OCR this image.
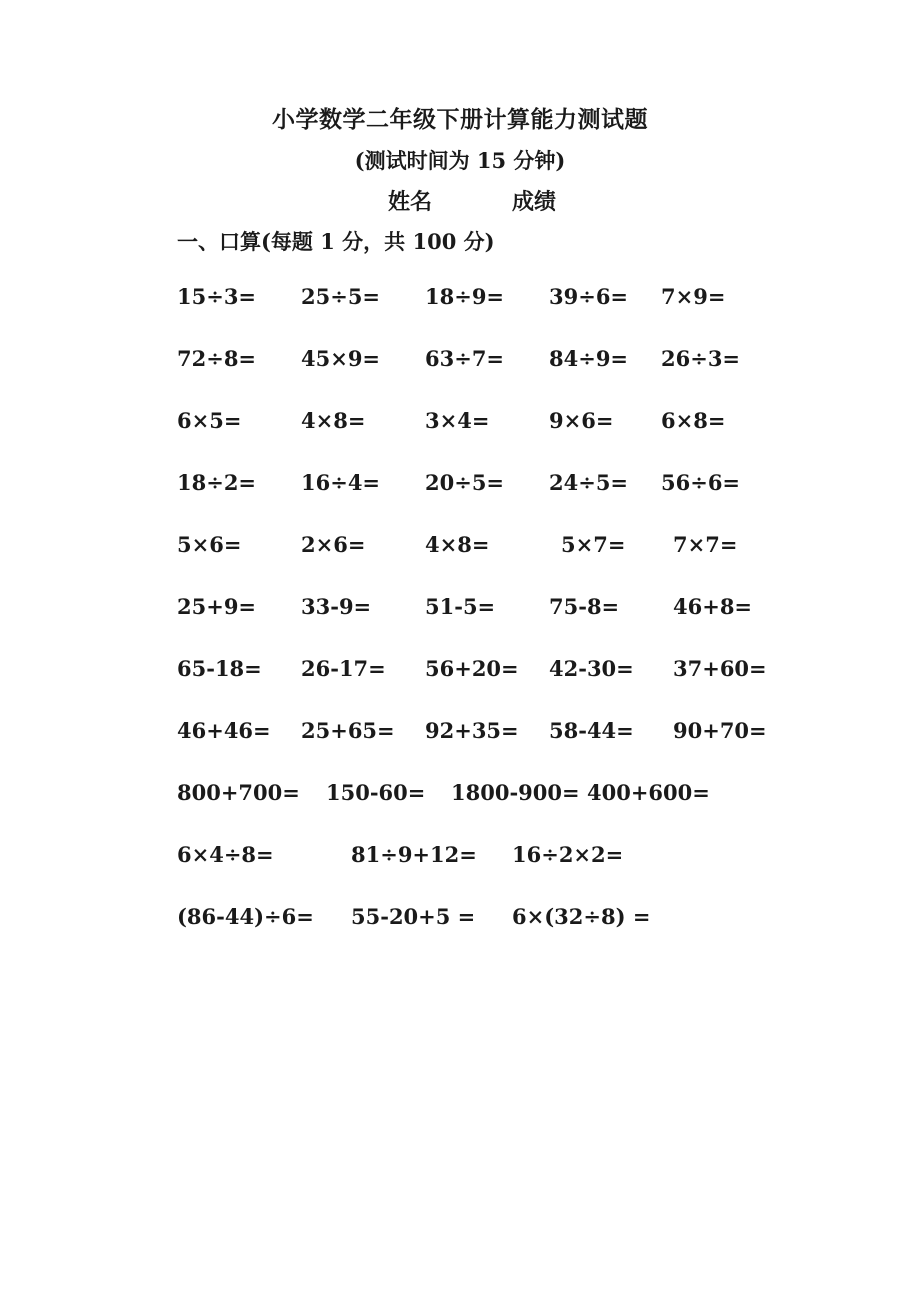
小学数学二年级下册计算能力测试题
(测试时间为 15 分钟)
姓名	成绩
一、口算(每题 1 分，共 100 分)
15÷3= 25÷5= 18÷9= 39÷6= 7×9=
72÷8= 45×9= 63÷7= 84÷9= 26÷3=
6×5=	4×8=	3×4=	9×6= 6×8=
18÷2= 16÷4= 20÷5= 24÷5= 56÷6=
5×6=	2×6=	4×8=	5×7= 7×7=
25+9= 33-9=	51-5=	75-8=	46+8=
65-18= 26-17= 56+20= 42-30= 37+60=
46+46= 25+65= 92+35= 58-44= 90+70=
800+700= 150-60= 1800-900= 400+600=
6×4÷8=	81÷9+12= 16÷2×2=
(86-44)÷6= 55-20+5 = 6×(32÷8) =
